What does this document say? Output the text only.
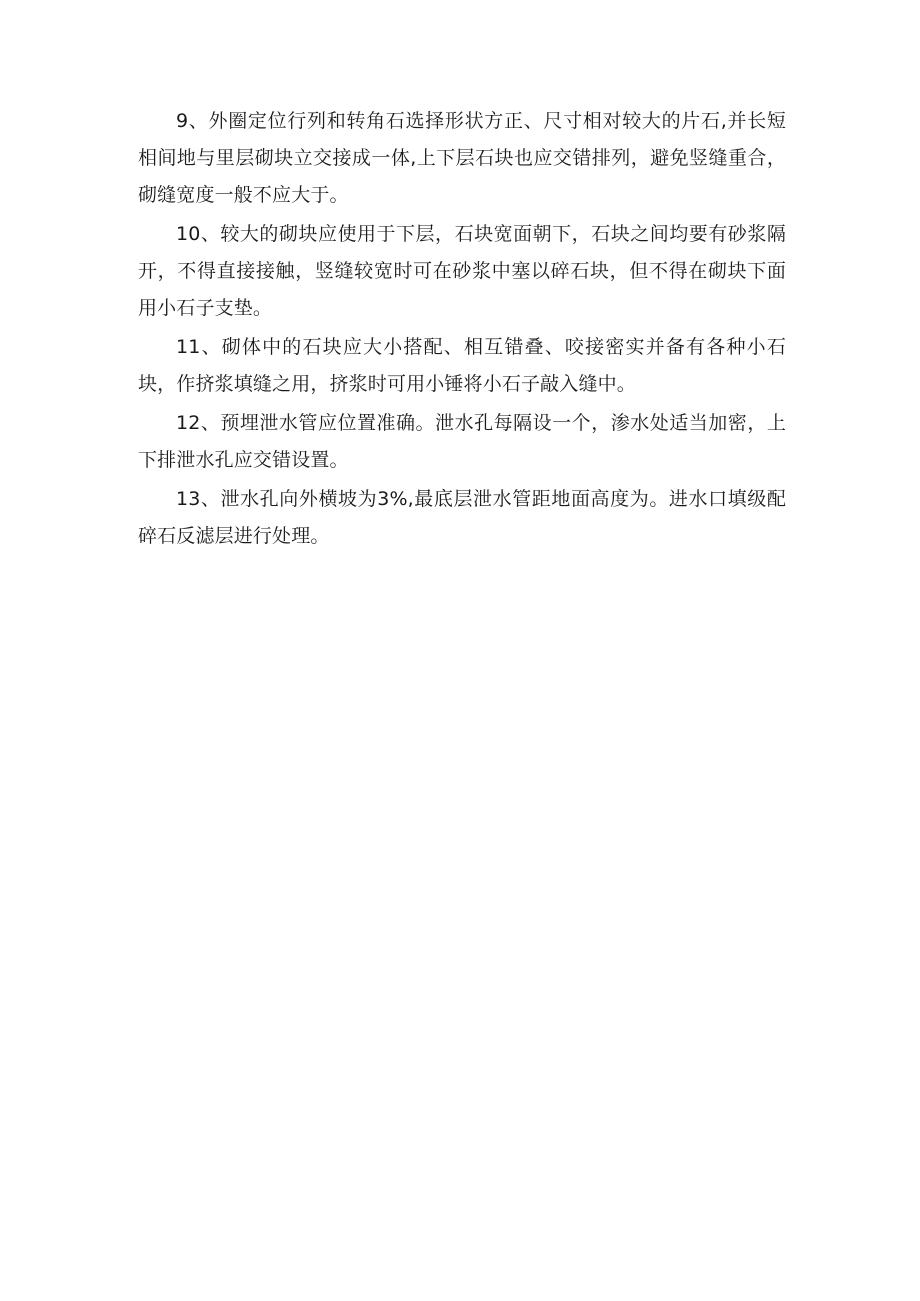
9、外圈定位行列和转角石选择形状方正、尺寸相对较大的片石,并长短相间地与里层砌块立交接成一体,上下层石块也应交错排列，避免竖缝重合，砌缝宽度一般不应大于。

10、较大的砌块应使用于下层，石块宽面朝下，石块之间均要有砂浆隔开，不得直接接触，竖缝较宽时可在砂浆中塞以碎石块，但不得在砌块下面用小石子支垫。

11、砌体中的石块应大小搭配、相互错叠、咬接密实并备有各种小石块，作挤浆填缝之用，挤浆时可用小锤将小石子敲入缝中。

12、预埋泄水管应位置准确。泄水孔每隔设一个，渗水处适当加密，上下排泄水孔应交错设置。

13、泄水孔向外横坡为3%,最底层泄水管距地面高度为。进水口填级配碎石反滤层进行处理。
